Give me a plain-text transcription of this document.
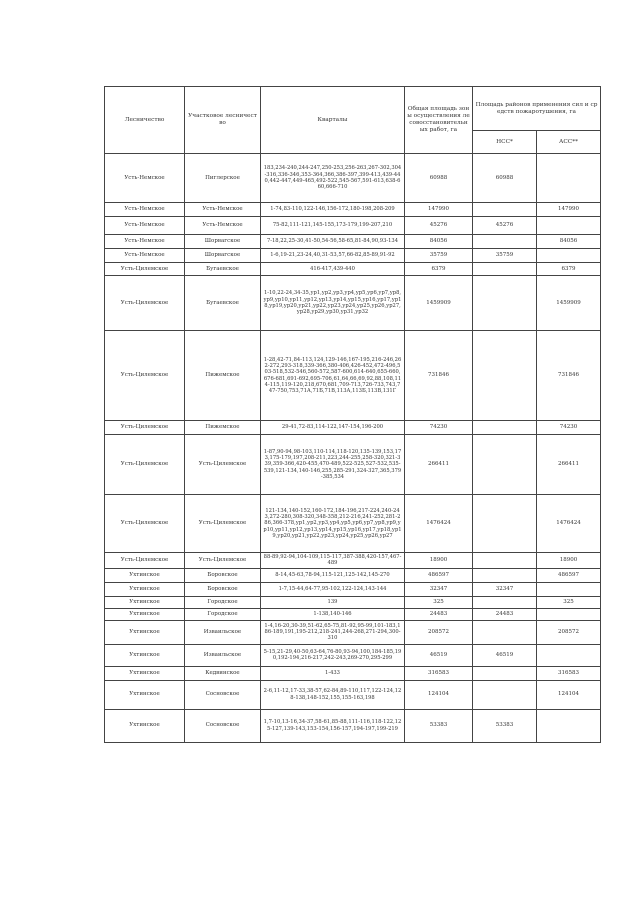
Лесничество	Участковое лесничество	Кварталы	Общая площадь зоны осуществления лесовосстановительных работ, га	Площадь районов применения сил и средств пожаротушения, га	
				НСС*	АСС**
Усть-Немское	Пиглерское	183,234-240,244-247,250-253,256-263,267-302,304-316,336-346,353-364,366,386-397,399-413,439-440,442-447,449-465,492-522,545-567,591-613,638-660,666-710	60988	60988	
Усть-Немское	Усть-Немское	1-74,83-110,122-146,156-172,180-198,208-209	147990		147990
Усть-Немское	Усть-Немское	75-82,111-121,145-155,173-179,199-207,210	45276	45276	
Усть-Немское	Шорвагское	7-18,22,25-30,41-50,54-56,58-65,81-84,90,93-134	84056		84056
Усть-Немское	Шорвагское	1-6,19-21,23-24,40,31-53,57,66-82,85-89,91-92	35759	35759	
Усть-Цилемское	Бугаевское	416-417,439-440	6379		6379
Усть-Цилемское	Бугаевское	1-10,22-24,34-35,ур1,ур2,ур3,ур4,ур5,ур6,ур7,ур8,ур9,ур10,ур11,ур12,ур13,ур14,ур15,ур16,ур17,ур18,ур19,ур20,ур21,ур22,ур23,ур24,ур25,ур26,ур27,ур28,ур29,ур30,ур31,ур32	1459909		1459909
Усть-Цилемское	Пижемское	1-28,42-71,84-113,124,129-146,167-195,216-246,262-272,293-318,339-366,380-406,426-452,472-496,503-518,532-546,560-572,587-600,614-640,655-660,676-681,691-692,695-706,61,64,66,69,92,88,108,114-115,119-120,218,670,681,709-713,726-733,743,747-750,753,71А,71Б,71В,113А,113Б,113В,131Г	731846		731846
Усть-Цилемское	Пижемское	29-41,72-83,114-122,147-154,196-200	74230		74230
Усть-Цилемское	Усть-Цилемское	1-87,90-94,98-103,110-114,118-120,135-139,153,173,175-179,197,208-211,223,244-255,258-320,321-339,359-366,420-455,470-489,522-525,527-532,535-539,121-134,140-146,255,285-291,324-327,365,379-385,534	266411		266411
Усть-Цилемское	Усть-Цилемское	121-134,140-152,160-172,184-196,217-224,240-243,272-280,308-320,348-358,212-216,241-252,281-286,366-378,ур1,ур2,ур3,ур4,ур5,ур6,ур7,ур8,ур9,ур10,ур11,ур12,ур13,ур14,ур15,ур16,ур17,ур18,ур19,ур20,ур21,ур22,ур23,ур24,ур25,ур26,ур27	1476424		1476424
Усть-Цилемское	Усть-Цилемское	88-89,92-94,104-109,115-117,387-388,420-157,467-489	18900		18900
Ухтинское	Боровское	8-14,45-63,78-94,115-121,125-142,145-270	486597		486597
Ухтинское	Боровское	1-7,15-44,64-77,95-102,122-124,143-144	32347	32347	
Ухтинское	Городское	139	325		325
Ухтинское	Городское	1-138,140-146	24483	24483	
Ухтинское	Изваильское	1-4,16-20,30-39,51-62,65-75,81-92,95-99,101-183,186-189,191,195-212,218-241,244-268,271-294,300-310	208572		208572
Ухтинское	Изваильское	5-15,21-29,40-50,63-64,76-80,93-94,100,184-185,190,192-194,216-217,242-243,269-270,295-299	46519	46519	
Ухтинское	Кедвинское	1-433	316583		316583
Ухтинское	Сосновское	2-6,11-12,17-33,38-57,62-84,89-110,117,122-124,128-138,148-152,155,155-163,198	124104		124104
Ухтинское	Сосновское	1,7-10,13-16,34-37,58-61,85-88,111-116,118-122,125-127,139-143,153-154,156-157,194-197,199-219	53383	53383	
